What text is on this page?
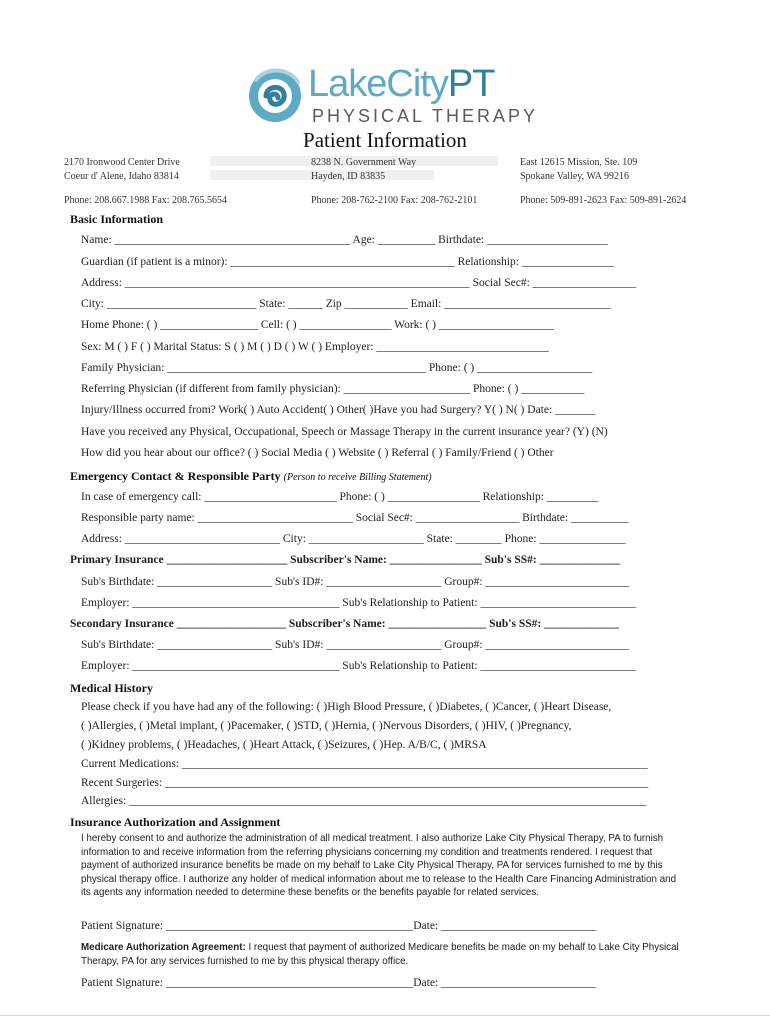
LakeCityPT
PHYSICAL THERAPY
Patient Information
2170 Ironwood Center Drive
Coeur d' Alene, Idaho 83814
Phone: 208.667.1988 Fax: 208.765.5654
8238 N. Government Way
Hayden, ID 83835
Phone: 208-762-2100 Fax: 208-762-2101
East 12615 Mission, Ste. 109
Spokane Valley, WA 99216
Phone: 509-891-2623 Fax: 509-891-2624
Basic Information
Name: _________________________________________ Age: __________ Birthdate: _____________________
Guardian (if patient is a minor): _______________________________________ Relationship: ________________
Address: ____________________________________________________________ Social Sec#: __________________
City: __________________________ State: ______ Zip ___________ Email: _____________________________
Home Phone: ( ) _________________ Cell: ( ) ________________ Work: ( ) ____________________
Sex: M ( ) F ( ) Marital Status: S ( ) M ( ) D ( ) W ( ) Employer: ______________________________
Family Physician: _____________________________________________ Phone: ( ) ____________________
Referring Physician (if different from family physician): ______________________ Phone: ( ) ___________
Injury/Illness occurred from? Work( ) Auto Accident( ) Other( )Have you had Surgery? Y( ) N( ) Date: _______
Have you received any Physical, Occupational, Speech or Massage Therapy in the current insurance year? (Y) (N)
How did you hear about our office? ( ) Social Media ( ) Website ( ) Referral ( ) Family/Friend ( ) Other
Emergency Contact & Responsible Party (Person to receive Billing Statement)
In case of emergency call: _______________________ Phone: ( ) ________________ Relationship: _________
Responsible party name: ___________________________ Social Sec#: __________________ Birthdate: __________
Address: ___________________________ City: ____________________ State: ________ Phone: _______________
Primary Insurance _____________________ Subscriber's Name: ________________ Sub's SS#: ______________
Sub's Birthdate: ____________________ Sub's ID#: ____________________ Group#: _________________________
Employer: ____________________________________ Sub's Relationship to Patient: ___________________________
Secondary Insurance ___________________ Subscriber's Name: _________________ Sub's SS#: _____________
Sub's Birthdate: ____________________ Sub's ID#: ____________________ Group#: _________________________
Employer: ____________________________________ Sub's Relationship to Patient: ___________________________
Medical History
Please check if you have had any of the following: ( )High Blood Pressure, ( )Diabetes, ( )Cancer, ( )Heart Disease,
( )Allergies, ( )Metal implant, ( )Pacemaker, ( )STD, ( )Hernia, ( )Nervous Disorders, ( )HIV, ( )Pregnancy,
( )Kidney problems, ( )Headaches, ( )Heart Attack, ( )Seizures, ( )Hep. A/B/C, ( )MRSA
Current Medications: _________________________________________________________________________________
Recent Surgeries: ____________________________________________________________________________________
Allergies: __________________________________________________________________________________________
Insurance Authorization and Assignment
I hereby consent to and authorize the administration of all medical treatment. I also authorize Lake City Physical Therapy, PA to furnish information to and receive information from the referring physicians concerning my condition and treatments rendered. I request that payment of authorized insurance benefits be made on my behalf to Lake City Physical Therapy, PA for services furnished to me by this physical therapy office. I authorize any holder of medical information about me to release to the Health Care Financing Administration and its agents any information needed to determine these benefits or the benefits payable for related services.
Patient Signature: ___________________________________________Date: ___________________________
Medicare Authorization Agreement: I request that payment of authorized Medicare benefits be made on my behalf to Lake City Physical Therapy, PA for any services furnished to me by this physical therapy office.
Patient Signature: ___________________________________________Date: ___________________________
